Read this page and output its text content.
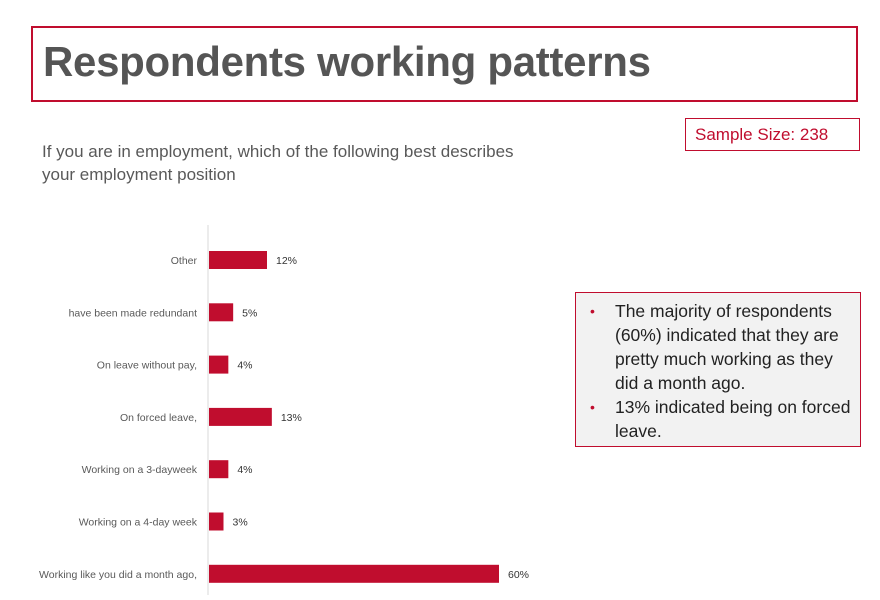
Respondents working patterns
Sample Size: 238
If you are in employment, which of the following best describes your employment position
Other	12%
have been made redundant	5%
On leave without pay,	4%
On forced leave,	13%
Working on a 3-dayweek	4%
Working on a 4-day week	3%
Working like you did a month ago,	60%
• The majority of respondents (60%) indicated that they are pretty much working as they did a month ago.
• 13% indicated being on forced leave.
